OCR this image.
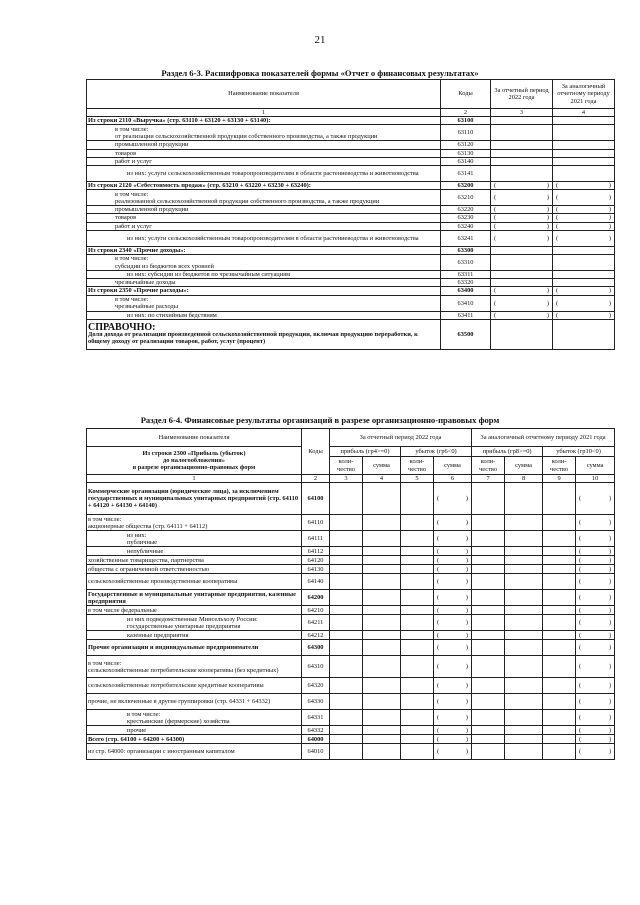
21
Раздел 6-3. Расшифровка показателей формы «Отчет о финансовых результатах»
Наименование показателя	Коды	За отчетный период 2022 года	За аналогичный отчетному периоду 2021 года
1	2	3	4
Из строки 2110 «Выручка» (стр. 63110 + 63120 + 63130 + 63140):	63100		
в том числе:
от реализации сельскохозяйственной продукции собственного производства, а также продукции	63110		
промышленной продукции	63120		
товаров	63130		
работ и услуг	63140		
из них: услуги сельскохозяйственным товаропроизводителям в области растениеводства и животноводства	63141		
Из строки 2120 «Себестоимость продаж» (стр. 63210 + 63220 + 63230 + 63240):	63200	( )	( )

в том числе:
реализованной сельскохозяйственной продукции собственного производства, а также продукции	63210	( )	( )

промышленной продукции	63220	( )	( )

товаров	63230	( )	( )

работ и услуг	63240	( )	( )

из них: услуги сельскохозяйственным товаропроизводителям в области растениеводства и животноводства	63241	( )	( )

Из строки 2340 «Прочие доходы»:	63300		
в том числе:
субсидии из бюджетов всех уровней	63310		
из них: субсидии из бюджетов по чрезвычайным ситуациям	63311		
чрезвычайные доходы	63320		
Из строки 2350 «Прочие расходы»:	63400	( )	( )

в том числе:
чрезвычайные расходы	63410	( )	( )

из них: по стихийным бедствиям	63411	( )	( )

СПРАВОЧНО:
Доля дохода от реализации произведенной сельскохозяйственной продукции, включая продукцию переработки, к общему доходу от реализации товаров, работ, услуг (процент)	63500		
Раздел 6-4. Финансовые результаты организаций в разрезе организационно-правовых форм
Наименование показателя	Коды	За отчетный период 2022 года				За аналогичный отчетному периоду 2021 года			

Из строки 2300 «Прибыль (убыток)
до налогообложения»
в разрезе организационно-правовых форм		прибыль (гр4>=0)		убыток (гр6<0)		прибыль (гр8>=0)		убыток (гр10<0)	
		коли-
чество	сумма	коли-
чество	сумма	коли-
чество	сумма	коли-
чество	сумма
1	2	3	4	5	6	7	8	9	10
Коммерческие организации (юридические лица), за исключением государственных и муниципальных унитарных предприятий (стр. 64110 + 64120 + 64130 + 64140)	64100				( )				( )

в том числе:
акционерные общества (стр. 64111 + 64112)	64110				( )				( )

из них:
публичные	64111				( )				( )

непубличные	64112				( )				( )

хозяйственные товарищества, партнерства	64120				( )				( )

общества с ограниченной ответственностью	64130				( )				( )

сельскохозяйственные производственные кооперативы	64140				( )				( )

Государственные и муниципальные унитарные предприятия, казенные предприятия	64200				( )				( )

в том числе федеральные	64210				( )				( )

из них подведомственные Минсельхозу России: государственные унитарные предприятия	64211				( )				( )

казенные предприятия	64212				( )				( )

Прочие организации и индивидуальные предприниматели	64300				( )				( )

в том числе:
сельскохозяйственные потребительские кооперативы (без кредитных)	64310				( )				( )

сельскохозяйственные потребительские кредитные кооперативы	64320				( )				( )

прочие, не включенные в другие группировки (стр. 64331 + 64332)	64330				( )				( )

в том числе:
крестьянские (фермерские) хозяйства	64331				( )				( )

прочие	64332				( )				( )

Всего (стр. 64100 + 64200 + 64300)	64000				( )				( )

из стр. 64000: организации с иностранным капиталом	64010				( )				( )
